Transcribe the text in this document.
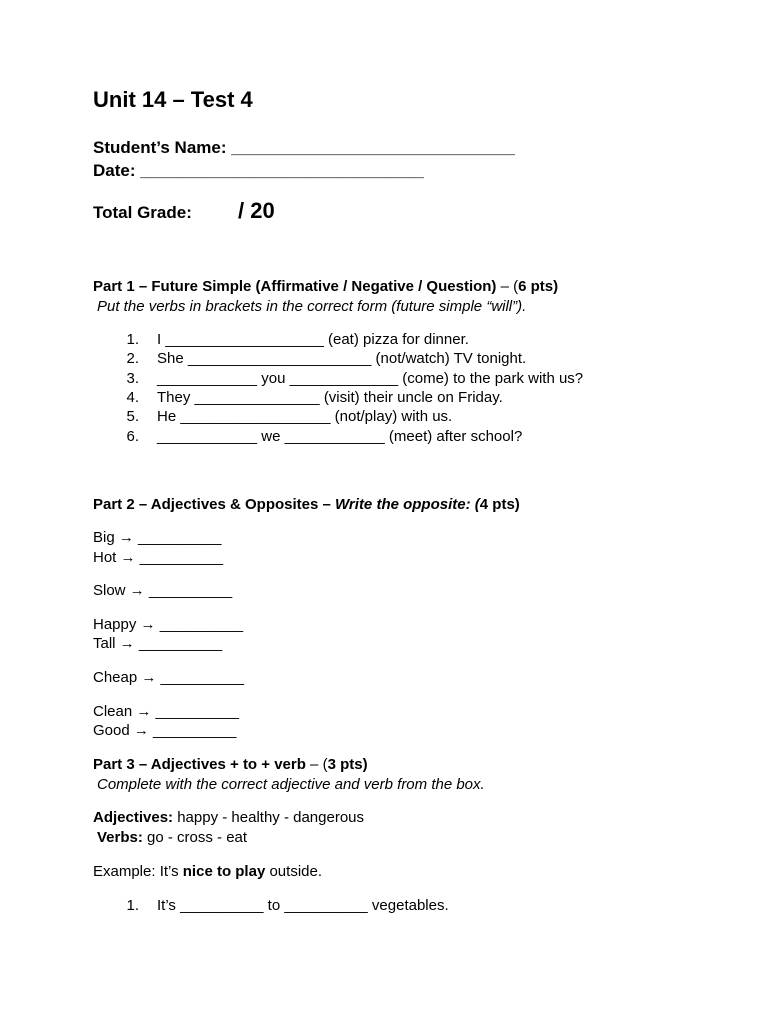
Unit 14 – Test 4
Student’s Name: ______________________________
Date: ______________________________
Total Grade: / 20
Part 1 – Future Simple (Affirmative / Negative / Question) – (6 pts)
Put the verbs in brackets in the correct form (future simple “will”).
1. I ___________________ (eat) pizza for dinner.
2. She ______________________ (not/watch) TV tonight.
3. ____________ you _____________ (come) to the park with us?
4. They _______________ (visit) their uncle on Friday.
5. He __________________ (not/play) with us.
6. ____________ we ____________ (meet) after school?
Part 2 – Adjectives & Opposites – Write the opposite: (4 pts)
Big → __________
Hot → __________
Slow → __________
Happy → __________
Tall → __________
Cheap → __________
Clean → __________
Good → __________
Part 3 – Adjectives + to + verb – (3 pts)
Complete with the correct adjective and verb from the box.
Adjectives: happy - healthy - dangerous
Verbs: go - cross - eat
Example: It’s nice to play outside.
1. It’s __________ to __________ vegetables.
